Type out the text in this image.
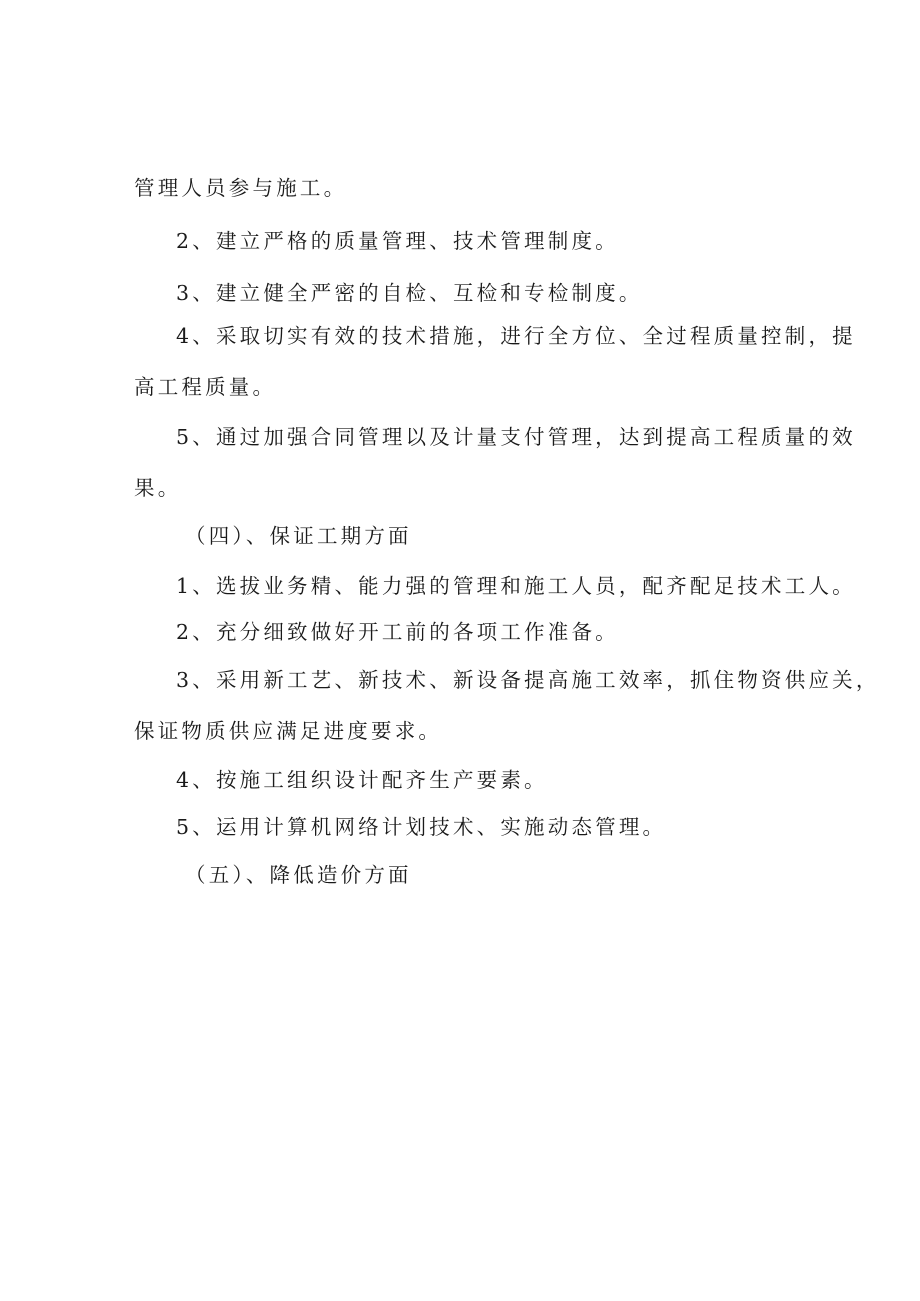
管理人员参与施工。
2、建立严格的质量管理、技术管理制度。
3、建立健全严密的自检、互检和专检制度。
4、采取切实有效的技术措施，进行全方位、全过程质量控制，提
高工程质量。
5、通过加强合同管理以及计量支付管理，达到提高工程质量的效
果。
（四）、保证工期方面
1、选拔业务精、能力强的管理和施工人员，配齐配足技术工人。
2、充分细致做好开工前的各项工作准备。
3、采用新工艺、新技术、新设备提高施工效率，抓住物资供应关，
保证物质供应满足进度要求。
4、按施工组织设计配齐生产要素。
5、运用计算机网络计划技术、实施动态管理。
（五）、降低造价方面
